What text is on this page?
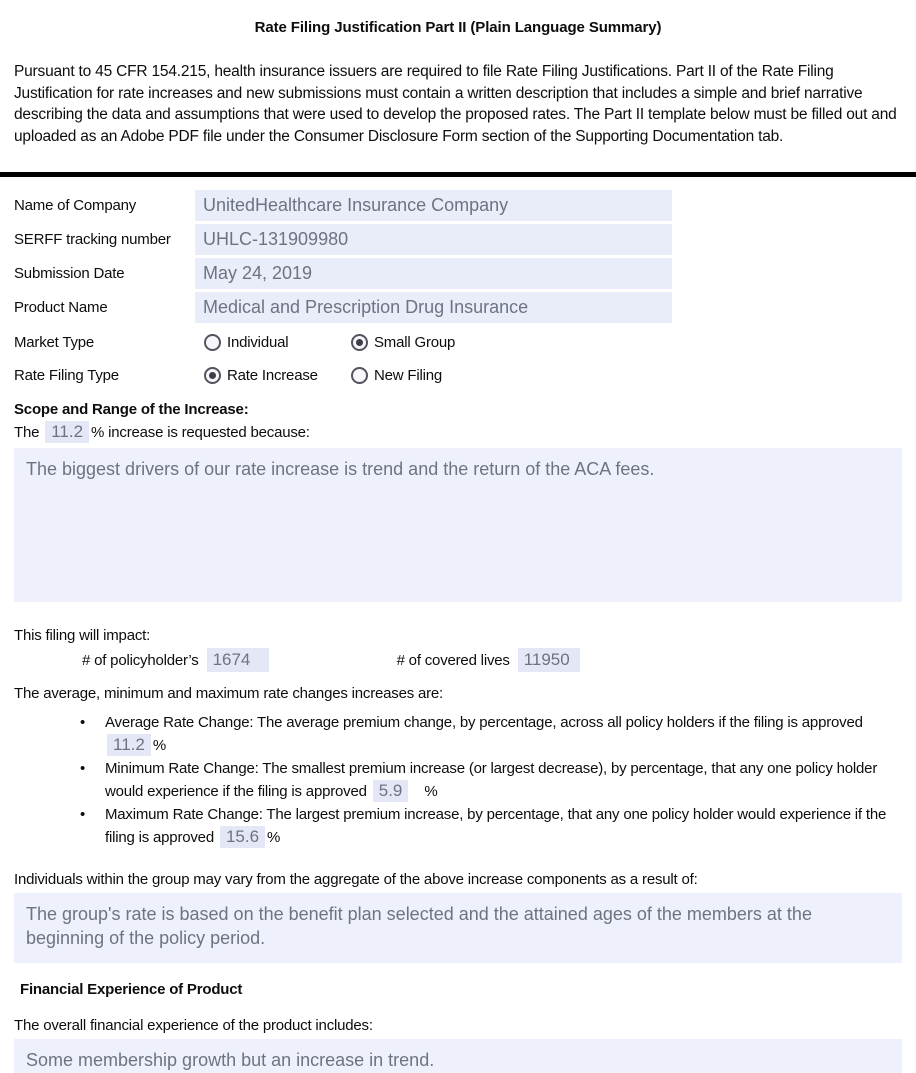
Rate Filing Justification Part II (Plain Language Summary)
Pursuant to 45 CFR 154.215, health insurance issuers are required to file Rate Filing Justifications. Part II of the Rate Filing Justification for rate increases and new submissions must contain a written description that includes a simple and brief narrative describing the data and assumptions that were used to develop the proposed rates. The Part II template below must be filled out and uploaded as an Adobe PDF file under the Consumer Disclosure Form section of the Supporting Documentation tab.
Name of Company	UnitedHealthcare Insurance Company
SERFF tracking number	UHLC-131909980
Submission Date	May 24, 2019
Product Name	Medical and Prescription Drug Insurance
Market Type	Individual	Small Group
Rate Filing Type	Rate Increase	New Filing
Scope and Range of the Increase:
The 11.2 % increase is requested because:
The biggest drivers of our rate increase is trend and the return of the ACA fees.
This filing will impact:
# of policyholder’s 1674	# of covered lives 11950
The average, minimum and maximum rate changes increases are:
• Average Rate Change: The average premium change, by percentage, across all policy holders if the filing is approved 11.2 %
• Minimum Rate Change: The smallest premium increase (or largest decrease), by percentage, that any one policy holder would experience if the filing is approved 5.9 %
• Maximum Rate Change: The largest premium increase, by percentage, that any one policy holder would experience if the filing is approved 15.6 %
Individuals within the group may vary from the aggregate of the above increase components as a result of:
The group's rate is based on the benefit plan selected and the attained ages of the members at the beginning of the policy period.
Financial Experience of Product
The overall financial experience of the product includes:
Some membership growth but an increase in trend.
